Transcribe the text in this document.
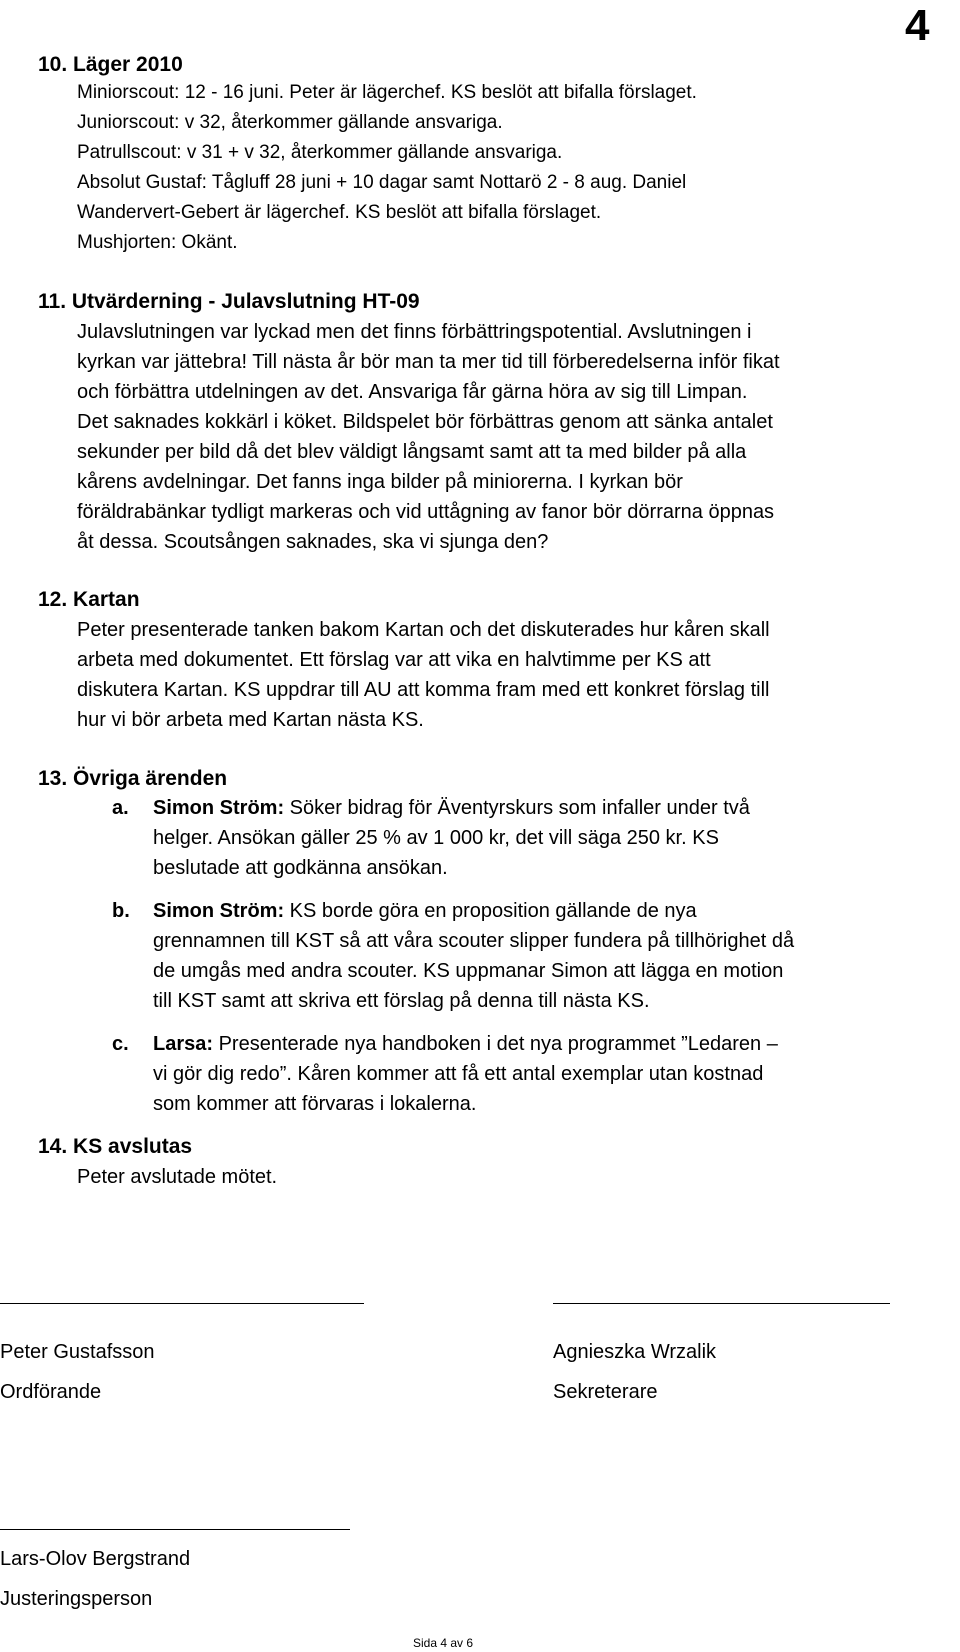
4
10. Läger 2010
Miniorscout: 12 - 16 juni. Peter är lägerchef. KS beslöt att bifalla förslaget.
Juniorscout: v 32, återkommer gällande ansvariga.
Patrullscout: v 31 + v 32, återkommer gällande ansvariga.
Absolut Gustaf: Tågluff 28 juni + 10 dagar samt Nottarö 2 - 8 aug. Daniel
Wandervert-Gebert är lägerchef. KS beslöt att bifalla förslaget.
Mushjorten: Okänt.
11. Utvärderning - Julavslutning HT-09
Julavslutningen var lyckad men det finns förbättringspotential. Avslutningen i
kyrkan var jättebra! Till nästa år bör man ta mer tid till förberedelserna inför fikat
och förbättra utdelningen av det. Ansvariga får gärna höra av sig till Limpan.
Det saknades kokkärl i köket. Bildspelet bör förbättras genom att sänka antalet
sekunder per bild då det blev väldigt långsamt samt att ta med bilder på alla
kårens avdelningar. Det fanns inga bilder på miniorerna. I kyrkan bör
föräldrabänkar tydligt markeras och vid uttågning av fanor bör dörrarna öppnas
åt dessa. Scoutsången saknades, ska vi sjunga den?
12. Kartan
Peter presenterade tanken bakom Kartan och det diskuterades hur kåren skall
arbeta med dokumentet. Ett förslag var att vika en halvtimme per KS att
diskutera Kartan. KS uppdrar till AU att komma fram med ett konkret förslag till
hur vi bör arbeta med Kartan nästa KS.
13. Övriga ärenden
a. Simon Ström: Söker bidrag för Äventyrskurs som infaller under två
helger. Ansökan gäller 25 % av 1 000 kr, det vill säga 250 kr. KS
beslutade att godkänna ansökan.
b. Simon Ström: KS borde göra en proposition gällande de nya
grennamnen till KST så att våra scouter slipper fundera på tillhörighet då
de umgås med andra scouter. KS uppmanar Simon att lägga en motion
till KST samt att skriva ett förslag på denna till nästa KS.
c. Larsa: Presenterade nya handboken i det nya programmet ”Ledaren –
vi gör dig redo”. Kåren kommer att få ett antal exemplar utan kostnad
som kommer att förvaras i lokalerna.
14. KS avslutas
Peter avslutade mötet.
Peter Gustafsson
Ordförande
Agnieszka Wrzalik
Sekreterare
Lars-Olov Bergstrand
Justeringsperson
Sida 4 av 6
